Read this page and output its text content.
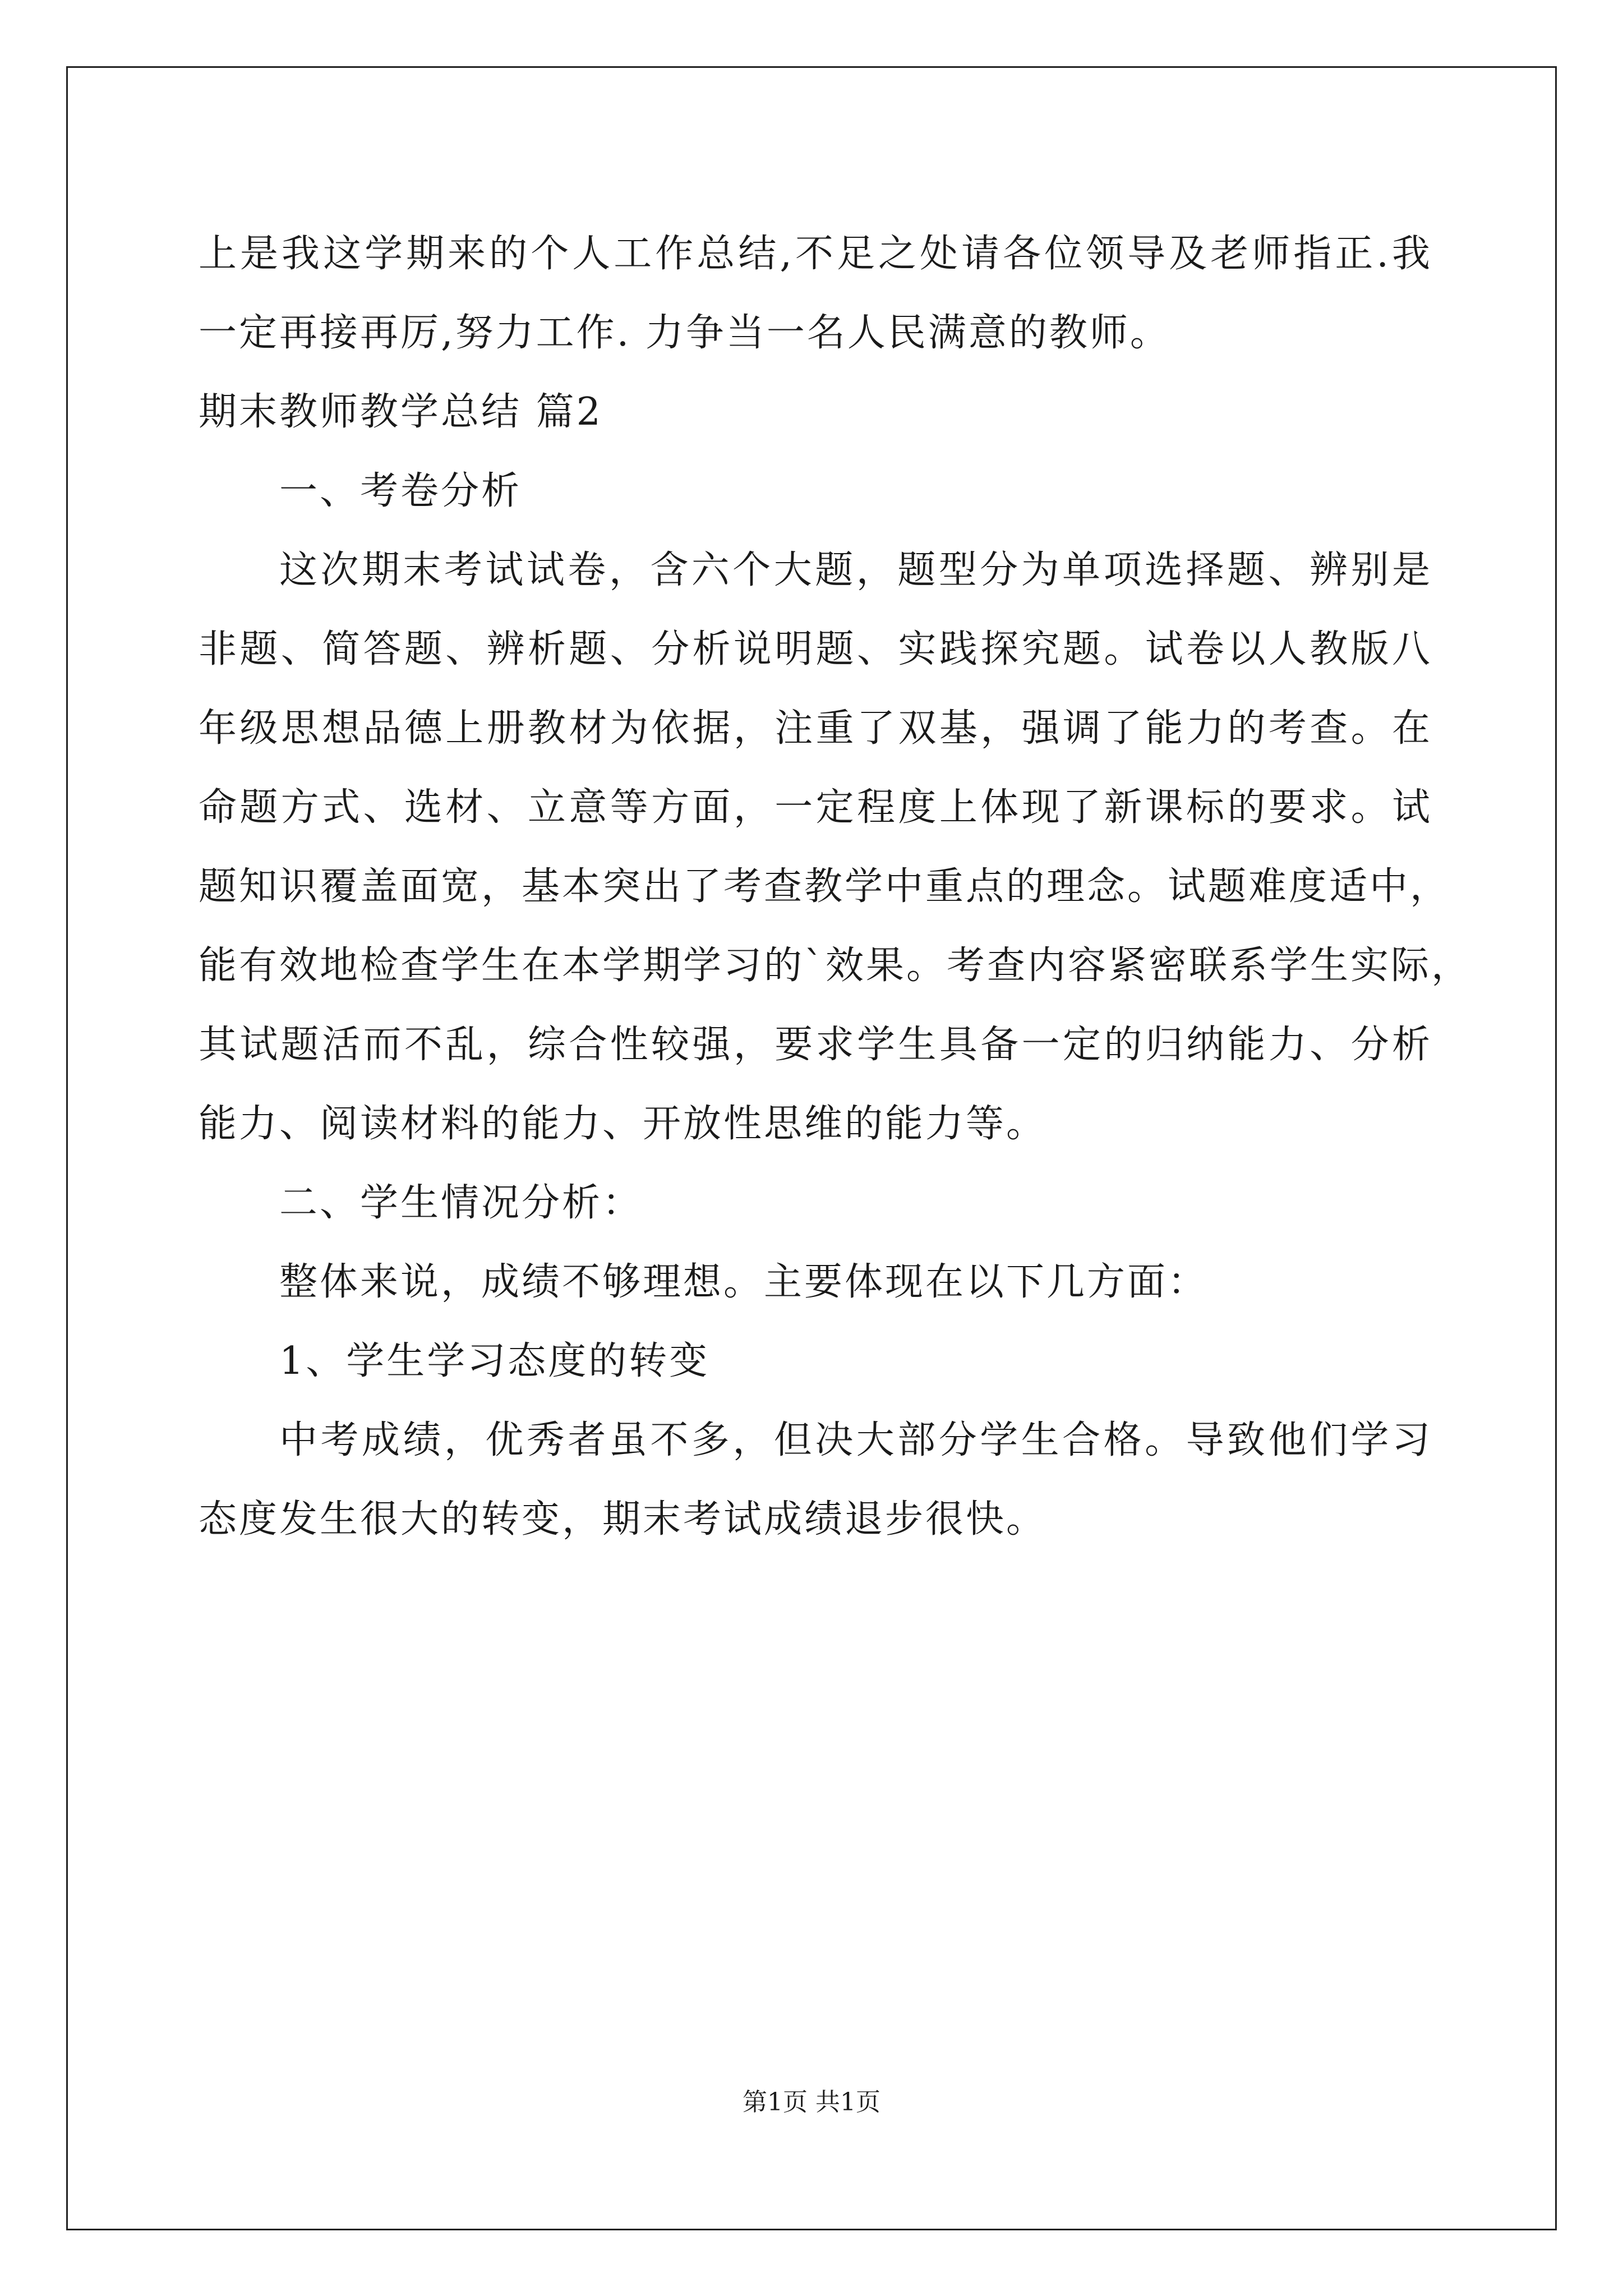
上是我这学期来的个人工作总结,不足之处请各位领导及老师指正.我
一定再接再厉,努力工作. 力争当一名人民满意的教师。
期末教师教学总结 篇2
一、考卷分析
这次期末考试试卷，含六个大题，题型分为单项选择题、辨别是
非题、简答题、辨析题、分析说明题、实践探究题。试卷以人教版八
年级思想品德上册教材为依据，注重了双基，强调了能力的考查。在
命题方式、选材、立意等方面，一定程度上体现了新课标的要求。试
题知识覆盖面宽，基本突出了考查教学中重点的理念。试题难度适中，
能有效地检查学生在本学期学习的`效果。考查内容紧密联系学生实际，
其试题活而不乱，综合性较强，要求学生具备一定的归纳能力、分析
能力、阅读材料的能力、开放性思维的能力等。
二、学生情况分析：
整体来说，成绩不够理想。主要体现在以下几方面：
1、学生学习态度的转变
中考成绩，优秀者虽不多，但决大部分学生合格。导致他们学习
态度发生很大的转变，期末考试成绩退步很快。
第1页 共1页
